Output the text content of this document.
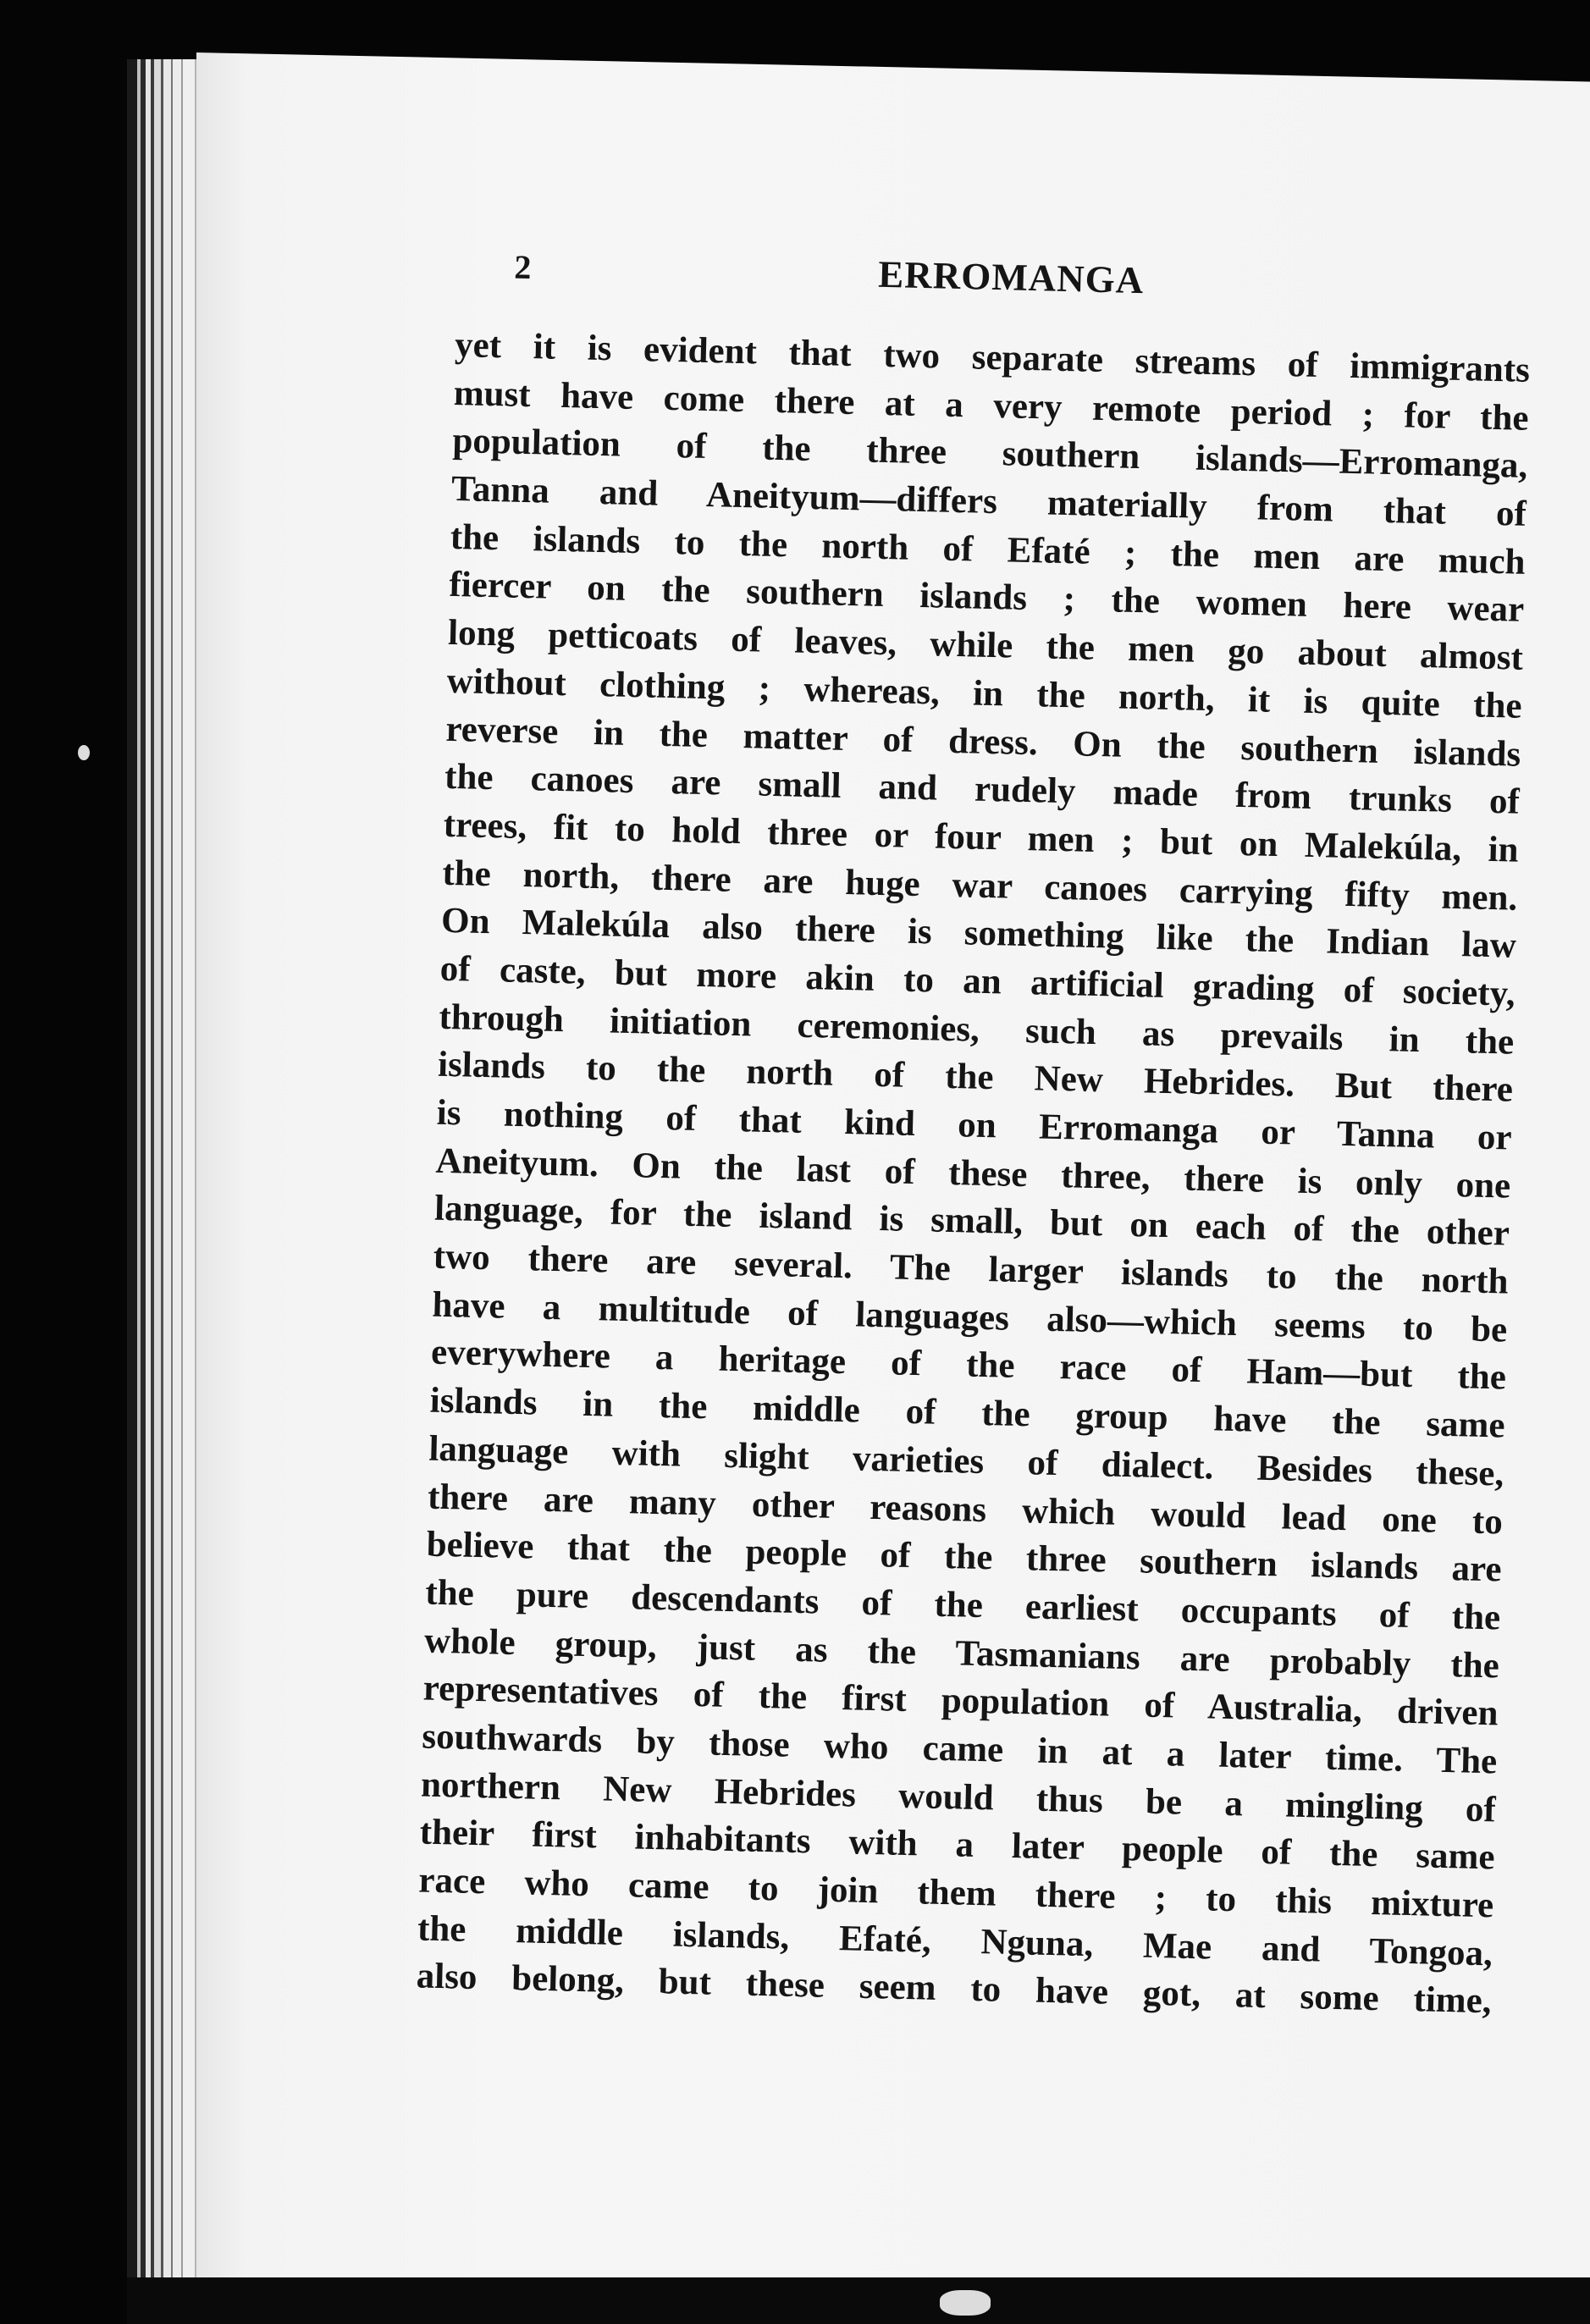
2	ERROMANGA
yet it is evident that two separate streams of immigrants
must have come there at a very remote period ; for the
population of the three southern islands—Erromanga,
Tanna and Aneityum—differs materially from that of
the islands to the north of Efaté ; the men are much
fiercer on the southern islands ; the women here wear
long petticoats of leaves, while the men go about almost
without clothing ; whereas, in the north, it is quite the
reverse in the matter of dress. On the southern islands
the canoes are small and rudely made from trunks of
trees, fit to hold three or four men ; but on Malekúla, in
the north, there are huge war canoes carrying fifty men.
On Malekúla also there is something like the Indian law
of caste, but more akin to an artificial grading of society,
through initiation ceremonies, such as prevails in the
islands to the north of the New Hebrides. But there
is nothing of that kind on Erromanga or Tanna or
Aneityum. On the last of these three, there is only one
language, for the island is small, but on each of the other
two there are several. The larger islands to the north
have a multitude of languages also—which seems to be
everywhere a heritage of the race of Ham—but the
islands in the middle of the group have the same
language with slight varieties of dialect. Besides these,
there are many other reasons which would lead one to
believe that the people of the three southern islands are
the pure descendants of the earliest occupants of the
whole group, just as the Tasmanians are probably the
representatives of the first population of Australia, driven
southwards by those who came in at a later time. The
northern New Hebrides would thus be a mingling of
their first inhabitants with a later people of the same
race who came to join them there ; to this mixture
the middle islands, Efaté, Nguna, Mae and Tongoa,
also belong, but these seem to have got, at some time,
